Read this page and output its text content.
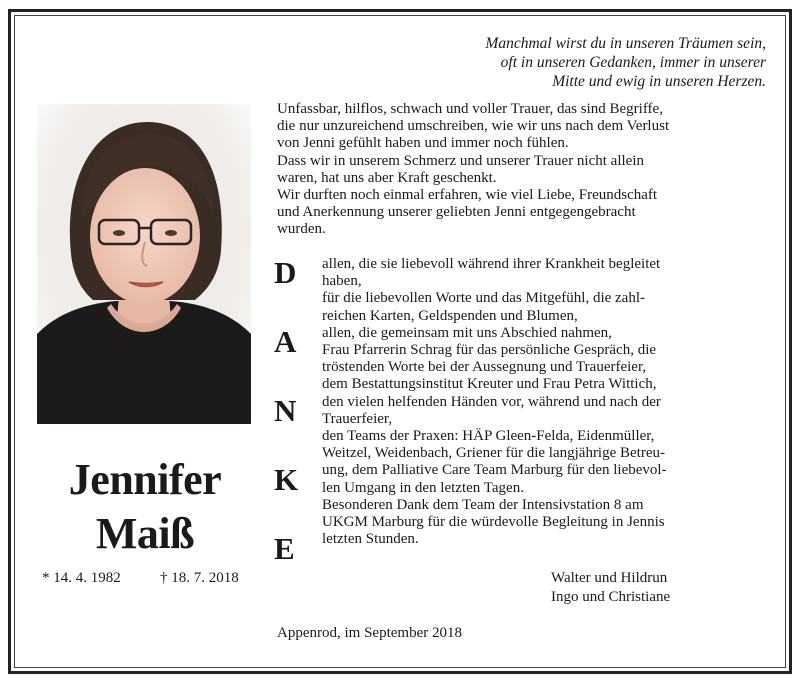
Jennifer
Maiß
* 14. 4. 1982	† 18. 7. 2018
Manchmal wirst du in unseren Träumen sein,
oft in unseren Gedanken, immer in unserer
Mitte und ewig in unseren Herzen.
Unfassbar, hilflos, schwach und voller Trauer, das sind Begriffe,
die nur unzureichend umschreiben, wie wir uns nach dem Verlust
von Jenni gefühlt haben und immer noch fühlen.
Dass wir in unserem Schmerz und unserer Trauer nicht allein
waren, hat uns aber Kraft geschenkt.
Wir durften noch einmal erfahren, wie viel Liebe, Freundschaft
und Anerkennung unserer geliebten Jenni entgegengebracht
wurden.
D
A
N
K
E
allen, die sie liebevoll während ihrer Krankheit begleitet
haben,
für die liebevollen Worte und das Mitgefühl, die zahl-
reichen Karten, Geldspenden und Blumen,
allen, die gemeinsam mit uns Abschied nahmen,
Frau Pfarrerin Schrag für das persönliche Gespräch, die
tröstenden Worte bei der Aussegnung und Trauerfeier,
dem Bestattungsinstitut Kreuter und Frau Petra Wittich,
den vielen helfenden Händen vor, während und nach der
Trauerfeier,
den Teams der Praxen: HÄP Gleen-Felda, Eidenmüller,
Weitzel, Weidenbach, Griener für die langjährige Betreu-
ung, dem Palliative Care Team Marburg für den liebevol-
len Umgang in den letzten Tagen.
Besonderen Dank dem Team der Intensivstation 8 am
UKGM Marburg für die würdevolle Begleitung in Jennis
letzten Stunden.
Walter und Hildrun
Ingo und Christiane
Appenrod, im September 2018
